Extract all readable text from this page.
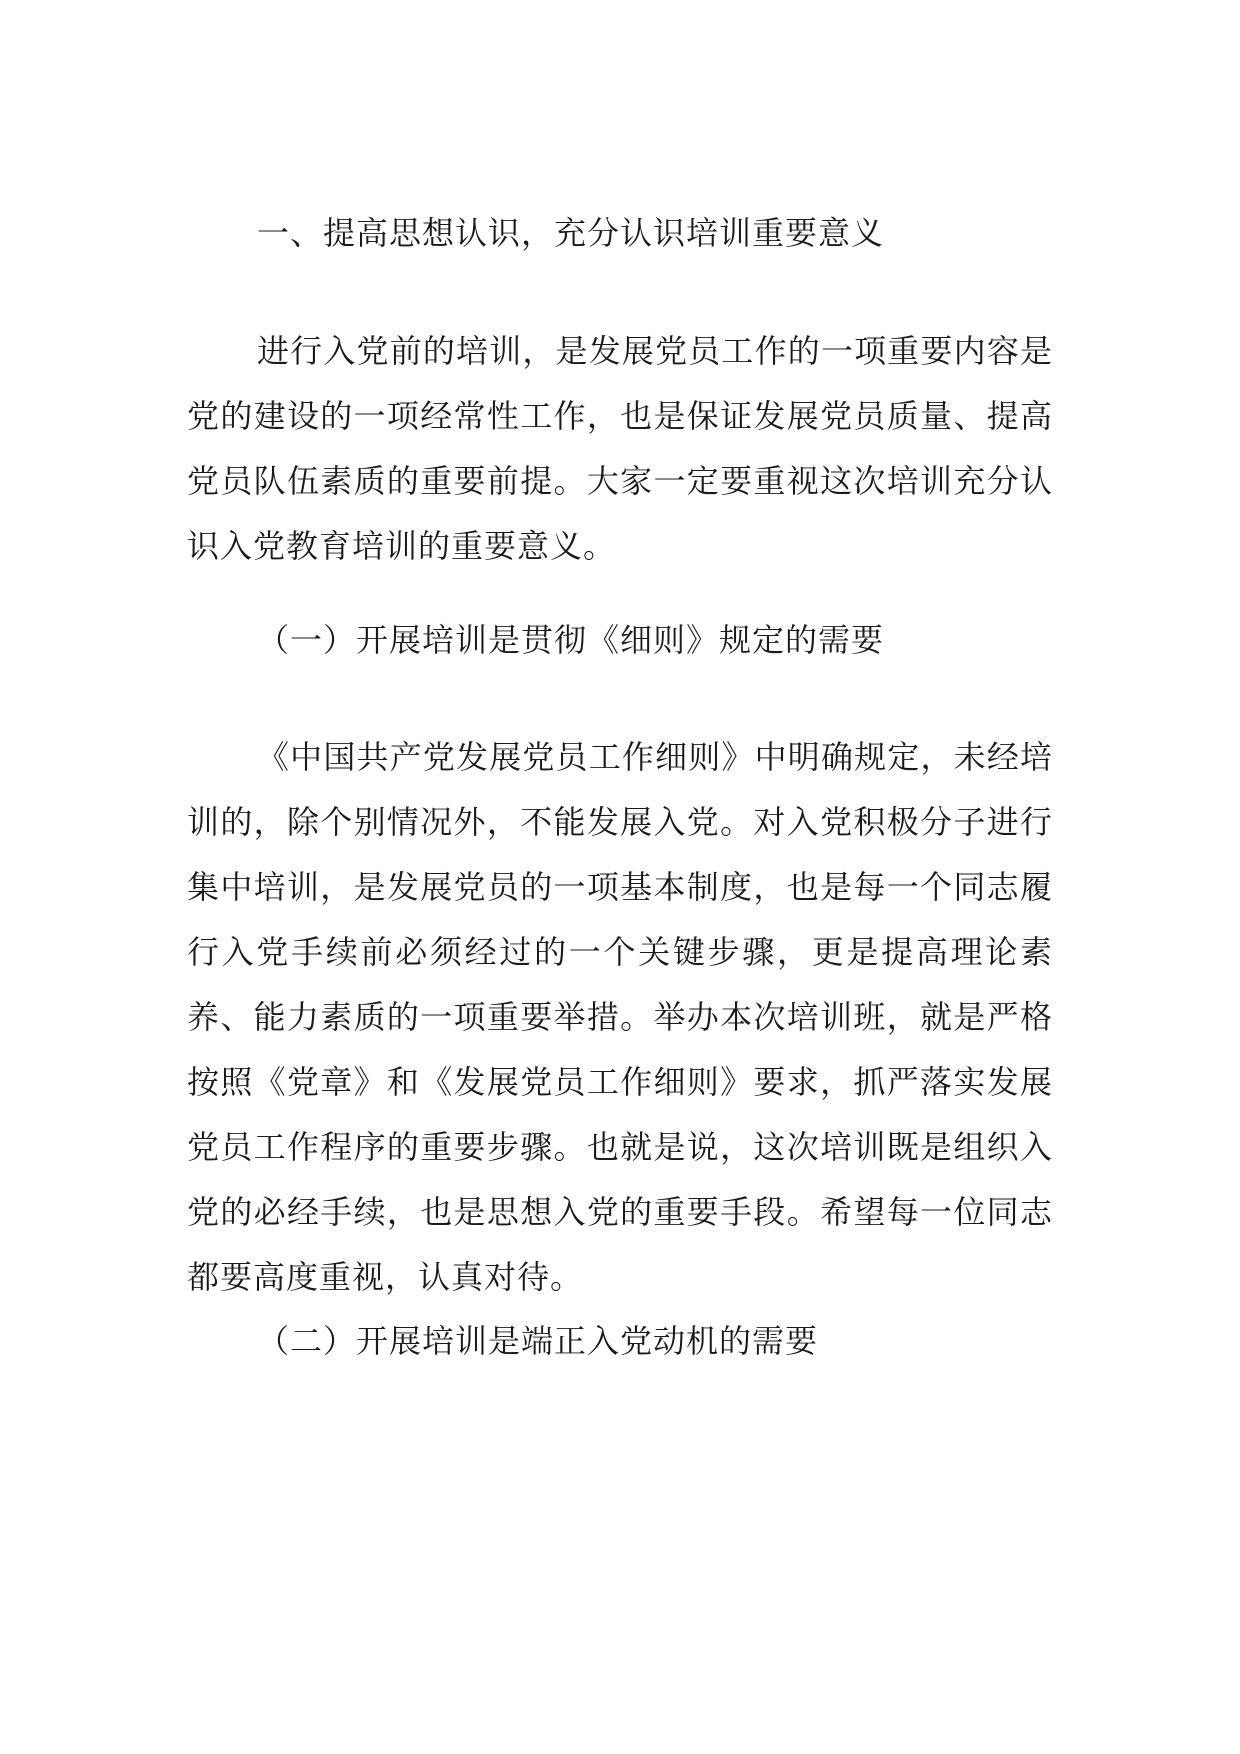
一、提高思想认识，充分认识培训重要意义
进行入党前的培训，是发展党员工作的一项重要内容是党的建设的一项经常性工作，也是保证发展党员质量、提高党员队伍素质的重要前提。大家一定要重视这次培训充分认识入党教育培训的重要意义。
（一）开展培训是贯彻《细则》规定的需要
《中国共产党发展党员工作细则》中明确规定，未经培训的，除个别情况外，不能发展入党。对入党积极分子进行集中培训，是发展党员的一项基本制度，也是每一个同志履行入党手续前必须经过的一个关键步骤，更是提高理论素养、能力素质的一项重要举措。举办本次培训班，就是严格按照《党章》和《发展党员工作细则》要求，抓严落实发展党员工作程序的重要步骤。也就是说，这次培训既是组织入党的必经手续，也是思想入党的重要手段。希望每一位同志都要高度重视，认真对待。
（二）开展培训是端正入党动机的需要
